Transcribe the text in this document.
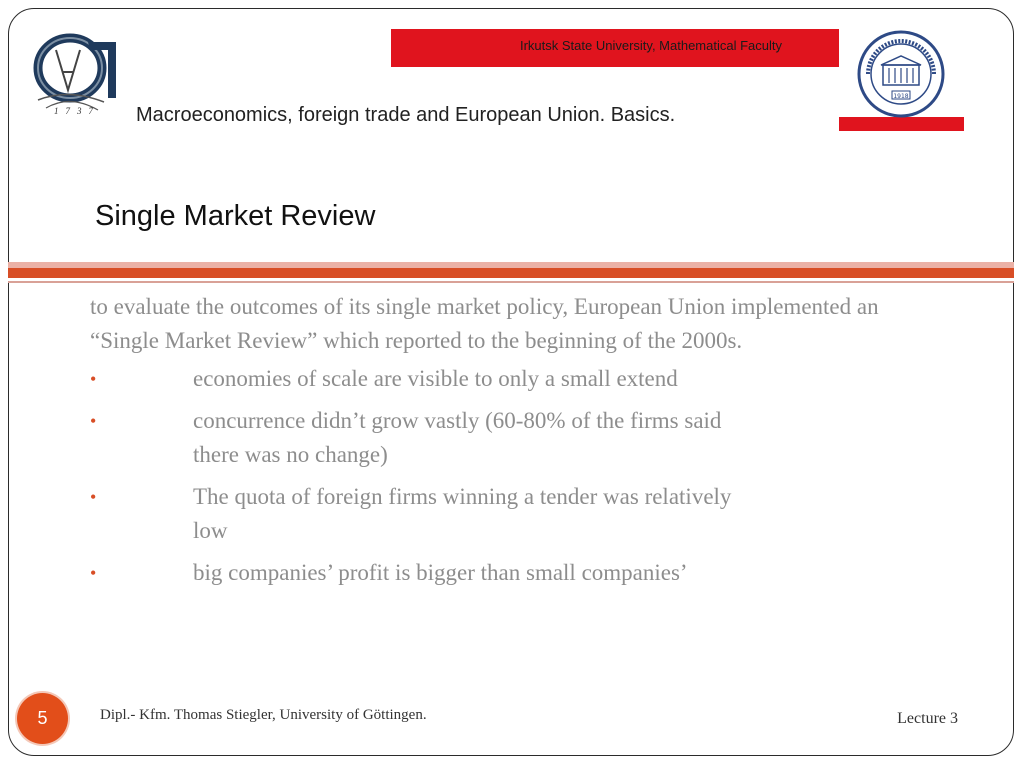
1737
Irkutsk State University, Mathematical Faculty
1918
Macroeconomics, foreign trade and European Union. Basics.
Single Market Review

to evaluate the outcomes of its single market policy, European Union implemented an “Single Market Review” which reported to the beginning of the 2000s.

•	economies of scale are visible to only a small extend
•	concurrence didn’t grow vastly (60-80% of the firms said there was no change)
•	The quota of foreign firms winning a tender was relatively low
•	big companies’ profit is bigger than small companies’
5	Dipl.- Kfm. Thomas Stiegler, University of Göttingen.	Lecture 3
